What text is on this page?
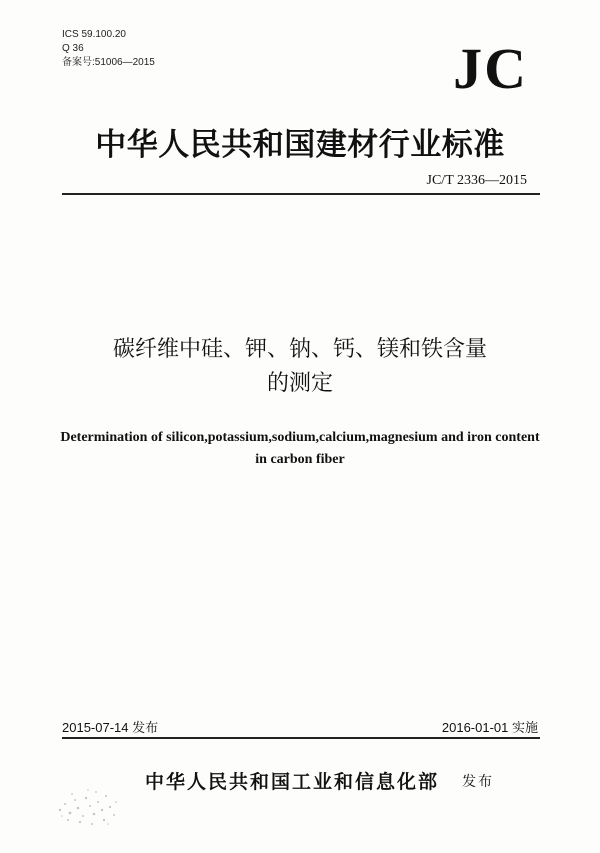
ICS 59.100.20
Q 36
备案号:51006—2015	JC
中华人民共和国建材行业标准
JC/T 2336—2015
碳纤维中硅、钾、钠、钙、镁和铁含量
的测定
Determination of silicon,potassium,sodium,calcium,magnesium and iron content
in carbon fiber
2015-07-14 发布	2016-01-01 实施
中华人民共和国工业和信息化部 发布
